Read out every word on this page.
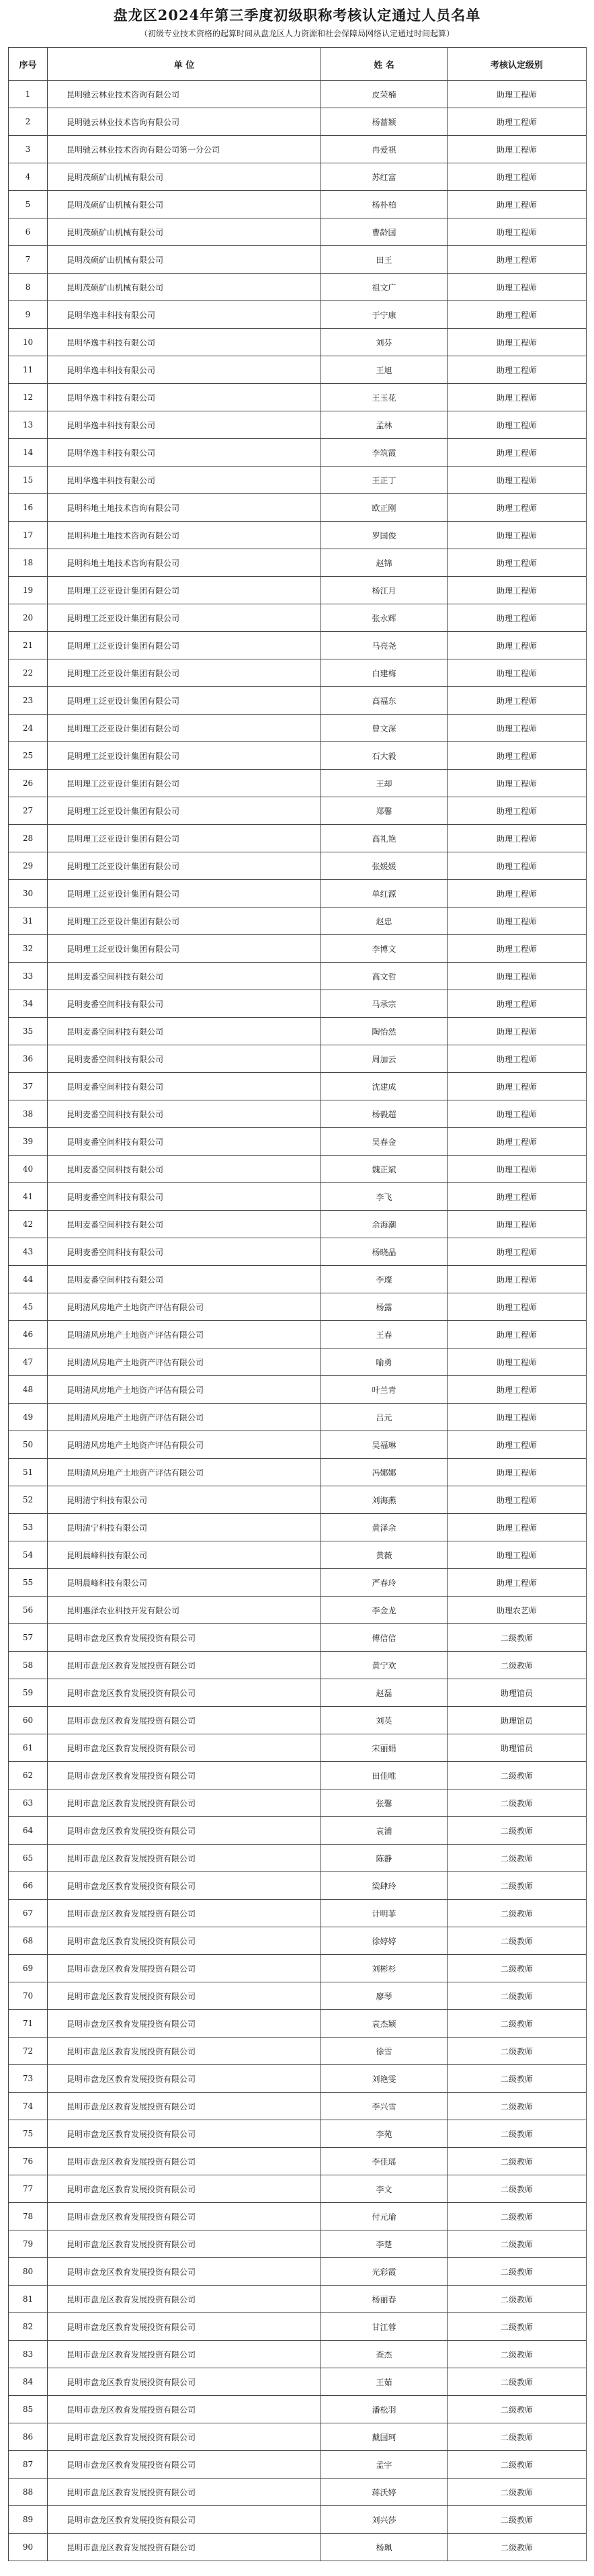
盘龙区2024年第三季度初级职称考核认定通过人员名单
（初级专业技术资格的起算时间从盘龙区人力资源和社会保障局网络认定通过时间起算）
序号	单 位	姓 名	考核认定级别
1	昆明驰云林业技术咨询有限公司	皮荣楠	助理工程师
2	昆明驰云林业技术咨询有限公司	杨蔷颖	助理工程师
3	昆明驰云林业技术咨询有限公司第一分公司	冉爱祺	助理工程师
4	昆明茂硕矿山机械有限公司	苏红富	助理工程师
5	昆明茂硕矿山机械有限公司	杨朴柏	助理工程师
6	昆明茂硕矿山机械有限公司	曹龄国	助理工程师
7	昆明茂硕矿山机械有限公司	田王	助理工程师
8	昆明茂硕矿山机械有限公司	祖文广	助理工程师
9	昆明华逸丰科技有限公司	于宁康	助理工程师
10	昆明华逸丰科技有限公司	刘芬	助理工程师
11	昆明华逸丰科技有限公司	王旭	助理工程师
12	昆明华逸丰科技有限公司	王玉花	助理工程师
13	昆明华逸丰科技有限公司	孟林	助理工程师
14	昆明华逸丰科技有限公司	李筑霞	助理工程师
15	昆明华逸丰科技有限公司	王正丁	助理工程师
16	昆明科地土地技术咨询有限公司	欧正刚	助理工程师
17	昆明科地土地技术咨询有限公司	罗国俊	助理工程师
18	昆明科地土地技术咨询有限公司	赵锦	助理工程师
19	昆明理工泛亚设计集团有限公司	杨江月	助理工程师
20	昆明理工泛亚设计集团有限公司	张永辉	助理工程师
21	昆明理工泛亚设计集团有限公司	马亮尧	助理工程师
22	昆明理工泛亚设计集团有限公司	白建梅	助理工程师
23	昆明理工泛亚设计集团有限公司	高福东	助理工程师
24	昆明理工泛亚设计集团有限公司	曾文深	助理工程师
25	昆明理工泛亚设计集团有限公司	石大毅	助理工程师
26	昆明理工泛亚设计集团有限公司	王却	助理工程师
27	昆明理工泛亚设计集团有限公司	郑馨	助理工程师
28	昆明理工泛亚设计集团有限公司	高礼艳	助理工程师
29	昆明理工泛亚设计集团有限公司	张媛媛	助理工程师
30	昆明理工泛亚设计集团有限公司	单红源	助理工程师
31	昆明理工泛亚设计集团有限公司	赵忠	助理工程师
32	昆明理工泛亚设计集团有限公司	李博文	助理工程师
33	昆明麦番空间科技有限公司	高文哲	助理工程师
34	昆明麦番空间科技有限公司	马承宗	助理工程师
35	昆明麦番空间科技有限公司	陶怡然	助理工程师
36	昆明麦番空间科技有限公司	周加云	助理工程师
37	昆明麦番空间科技有限公司	沈建成	助理工程师
38	昆明麦番空间科技有限公司	杨毅超	助理工程师
39	昆明麦番空间科技有限公司	吴春金	助理工程师
40	昆明麦番空间科技有限公司	魏正斌	助理工程师
41	昆明麦番空间科技有限公司	李飞	助理工程师
42	昆明麦番空间科技有限公司	余海潮	助理工程师
43	昆明麦番空间科技有限公司	杨晓晶	助理工程师
44	昆明麦番空间科技有限公司	李璨	助理工程师
45	昆明清风房地产土地资产评估有限公司	杨露	助理工程师
46	昆明清风房地产土地资产评估有限公司	王春	助理工程师
47	昆明清风房地产土地资产评估有限公司	喻勇	助理工程师
48	昆明清风房地产土地资产评估有限公司	叶兰青	助理工程师
49	昆明清风房地产土地资产评估有限公司	吕元	助理工程师
50	昆明清风房地产土地资产评估有限公司	吴福琳	助理工程师
51	昆明清风房地产土地资产评估有限公司	冯娜娜	助理工程师
52	昆明清宁科技有限公司	刘海燕	助理工程师
53	昆明清宁科技有限公司	黄泽余	助理工程师
54	昆明晨峰科技有限公司	黄薇	助理工程师
55	昆明晨峰科技有限公司	严春玲	助理工程师
56	昆明惠泽农业科技开发有限公司	李金龙	助理农艺师
57	昆明市盘龙区教育发展投资有限公司	傅信信	二级教师
58	昆明市盘龙区教育发展投资有限公司	黄宁欢	二级教师
59	昆明市盘龙区教育发展投资有限公司	赵磊	助理馆员
60	昆明市盘龙区教育发展投资有限公司	刘英	助理馆员
61	昆明市盘龙区教育发展投资有限公司	宋丽娟	助理馆员
62	昆明市盘龙区教育发展投资有限公司	田佳唯	二级教师
63	昆明市盘龙区教育发展投资有限公司	张馨	二级教师
64	昆明市盘龙区教育发展投资有限公司	袁浦	二级教师
65	昆明市盘龙区教育发展投资有限公司	陈静	二级教师
66	昆明市盘龙区教育发展投资有限公司	梁肆玲	二级教师
67	昆明市盘龙区教育发展投资有限公司	计明菲	二级教师
68	昆明市盘龙区教育发展投资有限公司	徐婷婷	二级教师
69	昆明市盘龙区教育发展投资有限公司	刘彬杉	二级教师
70	昆明市盘龙区教育发展投资有限公司	廖琴	二级教师
71	昆明市盘龙区教育发展投资有限公司	袁杰颖	二级教师
72	昆明市盘龙区教育发展投资有限公司	徐雪	二级教师
73	昆明市盘龙区教育发展投资有限公司	刘艳雯	二级教师
74	昆明市盘龙区教育发展投资有限公司	李兴雪	二级教师
75	昆明市盘龙区教育发展投资有限公司	李苑	二级教师
76	昆明市盘龙区教育发展投资有限公司	李佳瑶	二级教师
77	昆明市盘龙区教育发展投资有限公司	李文	二级教师
78	昆明市盘龙区教育发展投资有限公司	付元瑜	二级教师
79	昆明市盘龙区教育发展投资有限公司	李楚	二级教师
80	昆明市盘龙区教育发展投资有限公司	光彩霞	二级教师
81	昆明市盘龙区教育发展投资有限公司	杨丽春	二级教师
82	昆明市盘龙区教育发展投资有限公司	甘江蓉	二级教师
83	昆明市盘龙区教育发展投资有限公司	查杰	二级教师
84	昆明市盘龙区教育发展投资有限公司	王茹	二级教师
85	昆明市盘龙区教育发展投资有限公司	潘松羽	二级教师
86	昆明市盘龙区教育发展投资有限公司	戴国珂	二级教师
87	昆明市盘龙区教育发展投资有限公司	孟宇	二级教师
88	昆明市盘龙区教育发展投资有限公司	蒋沃婷	二级教师
89	昆明市盘龙区教育发展投资有限公司	刘兴莎	二级教师
90	昆明市盘龙区教育发展投资有限公司	杨珮	二级教师
